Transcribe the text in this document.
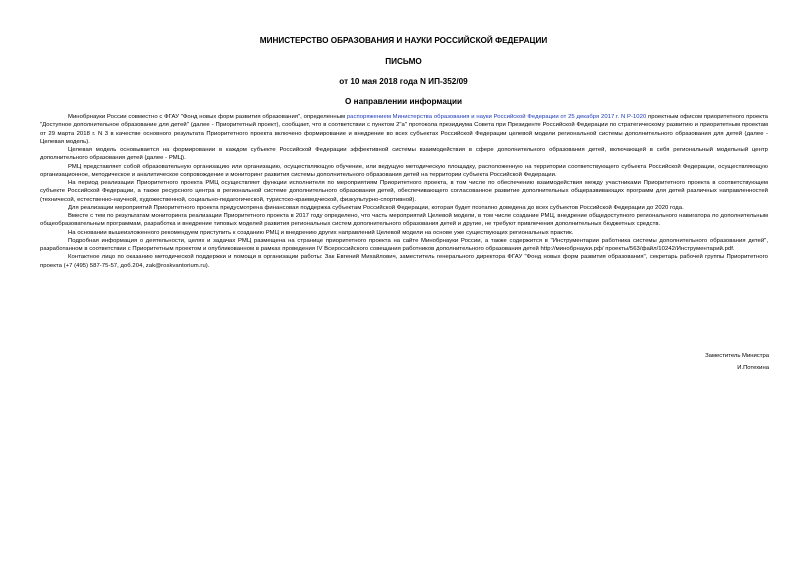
МИНИСТЕРСТВО ОБРАЗОВАНИЯ И НАУКИ РОССИЙСКОЙ ФЕДЕРАЦИИ
ПИСЬМО
от 10 мая 2018 года N ИП-352/09
О направлении информации

Минобрнауки России совместно с ФГАУ "Фонд новых форм развития образования", определенным распоряжением Министерства образования и науки Российской Федерации от 25 декабря 2017 г. N Р-1020 проектным офисом приоритетного проекта "Доступное дополнительное образование для детей" (далее - Приоритетный проект), сообщает, что в соответствии с пунктом 2"а" протокола президиума Совета при Президенте Российской Федерации по стратегическому развитию и приоритетным проектам от 29 марта 2018 г. N 3 в качестве основного результата Приоритетного проекта включено формирование и внедрение во всех субъектах Российской Федерации целевой модели региональной системы дополнительного образования для детей (далее - Целевая модель).

Целевая модель основывается на формировании в каждом субъекте Российской Федерации эффективной системы взаимодействия в сфере дополнительного образования детей, включающей в себя региональный модельный центр дополнительного образования детей (далее - РМЦ).

РМЦ представляет собой образовательную организацию или организацию, осуществляющую обучение, или ведущую методическую площадку, расположенную на территории соответствующего субъекта Российской Федерации, осуществляющую организационное, методическое и аналитическое сопровождение и мониторинг развития системы дополнительного образования детей на территории субъекта Российской Федерации.

На период реализации Приоритетного проекта РМЦ осуществляет функции исполнителя по мероприятиям Приоритетного проекта, в том числе по обеспечению взаимодействия между участниками Приоритетного проекта в соответствующем субъекте Российской Федерации, а также ресурсного центра в региональной системе дополнительного образования детей, обеспечивающего согласованное развитие дополнительных общеразвивающих программ для детей различных направленностей (техничесой, естественно-научной, художественной, социально-педагогической, туристско-краеведческой, физкультурно-спортивной).

Для реализации мероприятий Приоритетного проекта предусмотрена финансовая поддержка субъектам Российской Федерации, которая будет поэтапно доведена до всех субъектов Российской Федерации до 2020 года.

Вместе с тем по результатам мониторинга реализации Приоритетного проекта в 2017 году определено, что часть мероприятий Целевой модели, в том числе создание РМЦ, внедрение общедоступного регионального навигатора по дополнительным общеобразовательным программам, разработка и внедрение типовых моделей развития региональных систем дополнительного образования детей и другие, не требуют привлечения дополнительных бюджетных средств.

На основании вышеизложенного рекомендуем приступить к созданию РМЦ и внедрению других направлений Целевой модели на основе уже существующих региональных практик.

Подробная информация о деятельности, целях и задачах РМЦ размещена на странице приоритетного проекта на сайте Минобрнауки России, а также содержится в "Инструментарии работника системы дополнительного образования детей", разработанном в соответствии с Приоритетным проектом и опубликованном в рамках проведения IV Всероссийского совещания работников дополнительного образования детей http://минобрнауки.рф/ проекты/563/файл/10242/Инструментарий.pdf.

Контактное лицо по оказанию методической поддержки и помощи в организации работы: Зак Евгений Михайлович, заместитель генерального директора ФГАУ "Фонд новых форм развития образования", секретарь рабочей группы Приоритетного проекта (+7 (495) 587-75-57, доб.204, zak@roskvantorium.ru).

Заместитель Министра
И.Потехина
